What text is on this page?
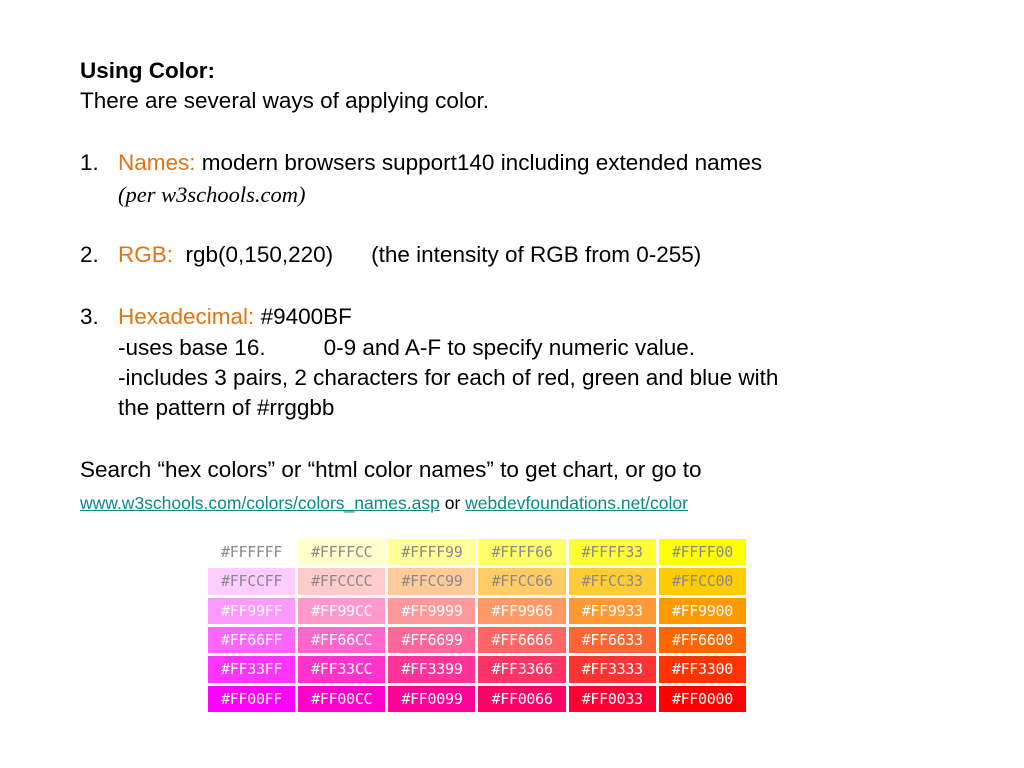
Using Color:

There are several ways of applying color.

1. Names: modern browsers support140 including extended names

(per w3schools.com)

2. RGB: rgb(0,150,220) (the intensity of RGB from 0-255)

3. Hexadecimal: #9400BF

-uses base 16.	0-9 and A-F to specify numeric value.

-includes 3 pairs, 2 characters for each of red, green and blue with

the pattern of #rrggbb

Search “hex colors” or “html color names” to get chart, or go to

www.w3schools.com/colors/colors_names.asp or webdevfoundations.net/color

#FFFFFF	#FFFFCC	#FFFF99	#FFFF66	#FFFF33	#FFFF00
#FFCCFF	#FFCCCC	#FFCC99	#FFCC66	#FFCC33	#FFCC00
#FF99FF	#FF99CC	#FF9999	#FF9966	#FF9933	#FF9900
#FF66FF	#FF66CC	#FF6699	#FF6666	#FF6633	#FF6600
#FF33FF	#FF33CC	#FF3399	#FF3366	#FF3333	#FF3300
#FF00FF	#FF00CC	#FF0099	#FF0066	#FF0033	#FF0000
